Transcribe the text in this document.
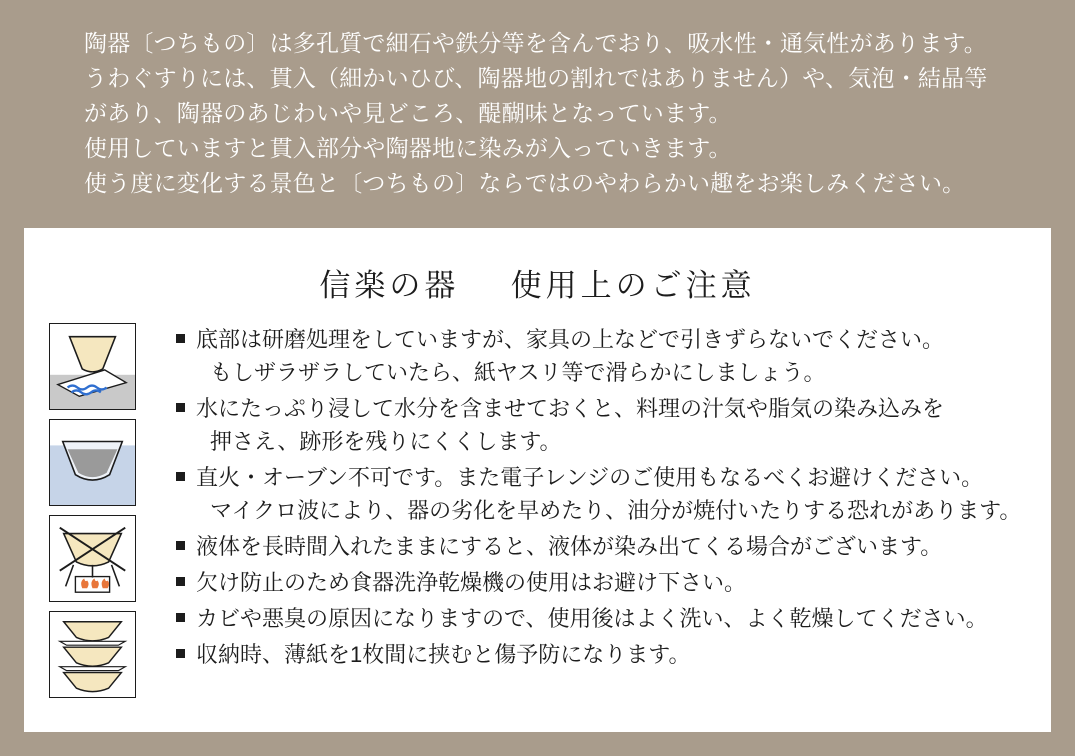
陶器〔つちもの〕は多孔質で細石や鉄分等を含んでおり、吸水性・通気性があります。

うわぐすりには、貫入（細かいひび、陶器地の割れではありません）や、気泡・結晶等

があり、陶器のあじわいや見どころ、醍醐味となっています。

使用していますと貫入部分や陶器地に染みが入っていきます。

使う度に変化する景色と〔つちもの〕ならではのやわらかい趣をお楽しみください。

信楽の器 使用上のご注意
底部は研磨処理をしていますが、家具の上などで引きずらないでください。
もしザラザラしていたら、紙ヤスリ等で滑らかにしましょう。
水にたっぷり浸して水分を含ませておくと、料理の汁気や脂気の染み込みを
押さえ、跡形を残りにくくします。
直火・オーブン不可です。また電子レンジのご使用もなるべくお避けください。
マイクロ波により、器の劣化を早めたり、油分が焼付いたりする恐れがあります。
液体を長時間入れたままにすると、液体が染み出てくる場合がございます。
欠け防止のため食器洗浄乾燥機の使用はお避け下さい。
カビや悪臭の原因になりますので、使用後はよく洗い、よく乾燥してください。
収納時、薄紙を1枚間に挟むと傷予防になります。
